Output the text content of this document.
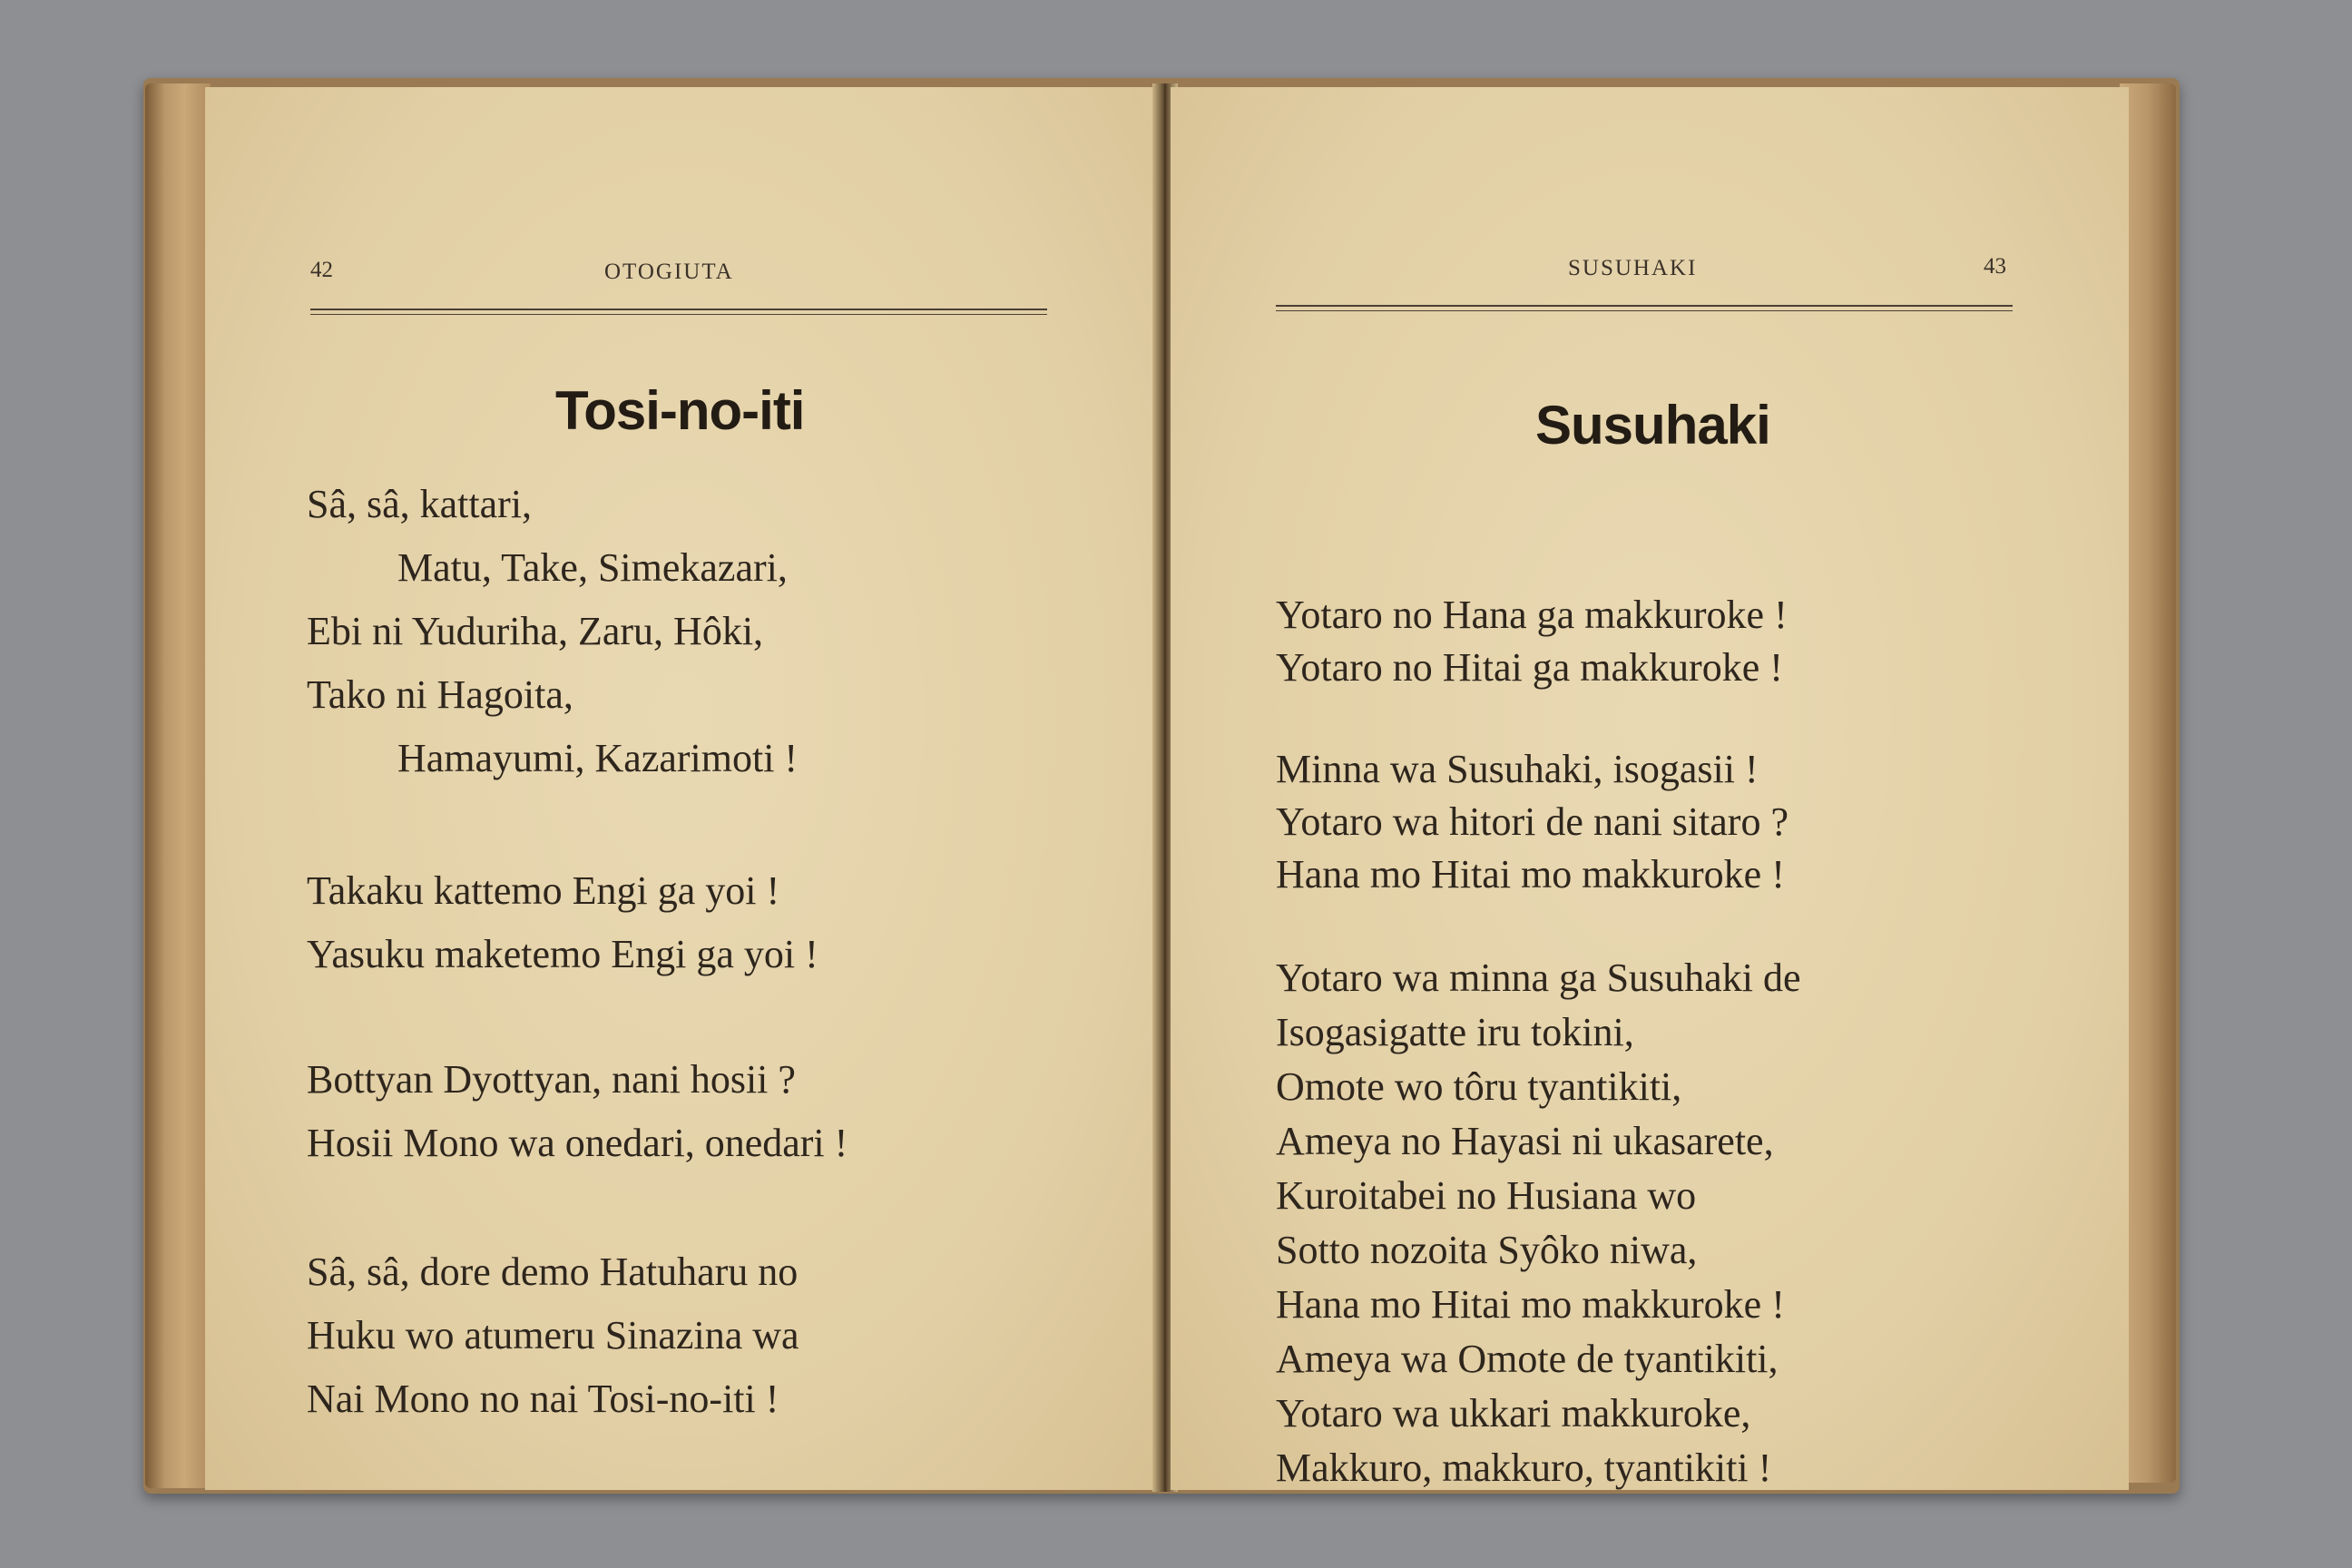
42	OTOGIUTA
Tosi-no-iti
Sâ, sâ, kattari,
Matu, Take, Simekazari,
Ebi ni Yuduriha, Zaru, Hôki,
Tako ni Hagoita,
Hamayumi, Kazarimoti !
Takaku kattemo Engi ga yoi !
Yasuku maketemo Engi ga yoi !
Bottyan Dyottyan, nani hosii ?
Hosii Mono wa onedari, onedari !
Sâ, sâ, dore demo Hatuharu no
Huku wo atumeru Sinazina wa
Nai Mono no nai Tosi-no-iti !
SUSUHAKI	43
Susuhaki
Yotaro no Hana ga makkuroke !
Yotaro no Hitai ga makkuroke !
Minna wa Susuhaki, isogasii !
Yotaro wa hitori de nani sitaro ?
Hana mo Hitai mo makkuroke !
Yotaro wa minna ga Susuhaki de
Isogasigatte iru tokini,
Omote wo tôru tyantikiti,
Ameya no Hayasi ni ukasarete,
Kuroitabei no Husiana wo
Sotto nozoita Syôko niwa,
Hana mo Hitai mo makkuroke !
Ameya wa Omote de tyantikiti,
Yotaro wa ukkari makkuroke,
Makkuro, makkuro, tyantikiti !
